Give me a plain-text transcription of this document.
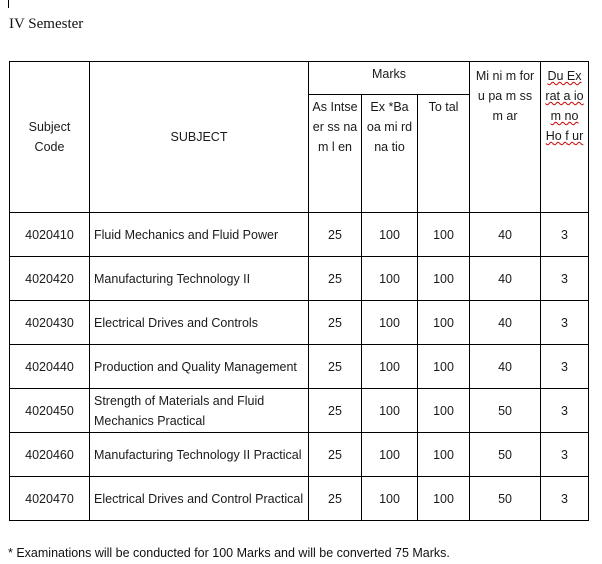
IV Semester
Subject Code	SUBJECT	Marks			Mi ni m for u pa m ss m ar	Du Ex rat a io m no Ho f ur

		As Intse er ss na m l en	Ex *Ba oa mi rd na tio	To tal		

4020410	Fluid Mechanics and Fluid Power	25	100	100	40	3
4020420	Manufacturing Technology II	25	100	100	40	3
4020430	Electrical Drives and Controls	25	100	100	40	3
4020440	Production and Quality Management	25	100	100	40	3
4020450	Strength of Materials and Fluid Mechanics Practical	25	100	100	50	3
4020460	Manufacturing Technology II Practical	25	100	100	50	3
4020470	Electrical Drives and Control Practical	25	100	100	50	3
* Examinations will be conducted for 100 Marks and will be converted 75 Marks.
